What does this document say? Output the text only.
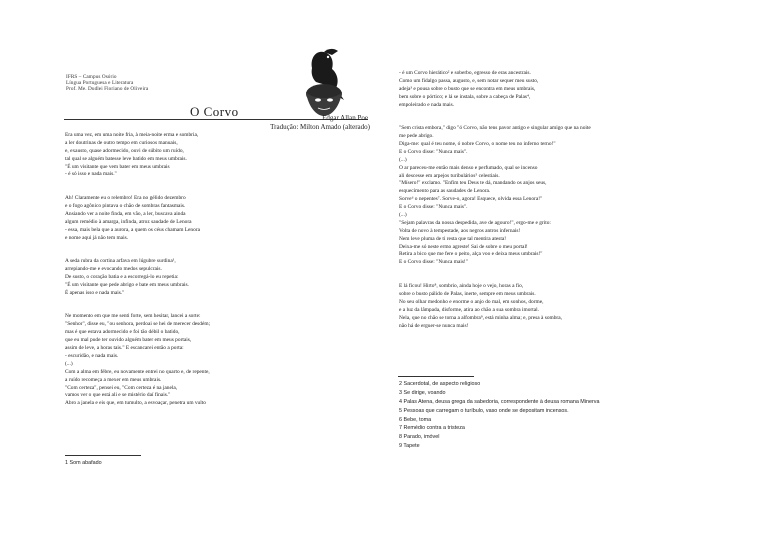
IFRS – Campus Osório
Língua Portuguesa e Literatura
Prof. Me. Dudlei Floriano de Oliveira
O Corvo	Edgar Allan Poe
Tradução: Milton Amado (alterado)
Era uma vez, em uma noite fria, à meia-noite erma e sombria,
a ler doutrinas de outro tempo em curiosos manuais,
e, exausto, quase adormecido, ouvi de súbito um ruído,
tal qual se alguém batesse leve batido em meus umbrais.
"É um visitante que vem bater em meus umbrais
- é só isso e nada mais."
Ah! Claramente eu o relembro! Era no gélido dezembro
e o fogo agônico pintava o chão de sombras fantasmais.
Ansiando ver a noite finda, em vão, a ler, buscava ainda
algum remédio à amarga, infinda, atroz saudade de Lenora
- essa, mais bela que a aurora, a quem os céus chamam Lenora
e nome aqui já não tem mais.
A seda rubra da cortina arfava em lúgubre surdina¹,
arrepiando-me e evocando medos sepulcrais.
De susto, o coração batia e a escorregá-lo eu repetia:
"É um visitante que pede abrigo e bate em meus umbrais.
É apenas isso e nada mais."
Ne momento em que me senti forte, sem hesitar, lancei a sorte:
"Senhor", disse eu, "ou senhora, perdoai se hei de merecer desdém;
mas é que estava adormecido e foi tão débil o batido,
que eu mal pude ter ouvido alguém bater em meus portais,
assim de leve, a horas tais." E escancarei então a porta:
- escuridão, e nada mais.
(...)
Com a alma em fébre, eu novamente entrei no quarto e, de repente,
a ruído recomeça a mexer em meus umbrais.
"Com certeza", pensei eu, "Com certeza é na janela,
vamos ver o que está ali e se mistério daí finais."
Abro a janela e eis que, em tumulto, a esvoaçar, penetra um vulto
1 Som abafado
- é um Corvo hierático² e soberbo, egresso de eras ancestrais.
Como um fidalgo passa, augusto, e, sem notar sequer meu susto,
adeja³ e pousa sobre o busto que se encontra em meus umbrais,
bem sobre o pórtico; e lá se instala, sobre a cabeça de Palas⁴,
empoleirado e nada mais.
"Sem crista embora," digo "ó Corvo, não tens pavor antigo e singular amigo que na noite
me pede abrigo.
Diga-me: qual é teu nome, ó nobre Corvo, o nome teu no inferno terno!"
E o Corvo disse: "Nunca mais".
(...)
O ar pareceu-me então mais denso e perfumado, qual se incenso
ali descesse em arpejos turibulários⁵ celestiais.
"Mísero!" exclamo. "Enfim teu Deus te dá, mandando os anjos seus,
esquecimento para as saudades de Lenora.
Sorve⁶ o nepentes⁷. Sorve-o, agora! Esquece, olvida essa Lenora!"
E o Corvo disse: "Nunca mais".
(...)
"Sejam palavras da nossa despedida, ave de agouro!", ergo-me e grito:
Volta de novo à tempestade, aos negros antros infernais!
Nem leve pluma de ti resta que tal mentira atesta!
Deixa-me só neste ermo agreste! Sai de sobre o meu portal!
Retira a bico que me fere o peito, alça voo e deixa meus umbrais!"
E o Corvo disse: "Nunca mais!"
E lá ficou! Hirto⁸, sombrio, ainda hoje o vejo, horas a fio,
sobre o busto pálido de Palas, inerte, sempre em meus umbrais.
No seu olhar medonho e enorme o anjo do mal, em sonhos, dorme,
e a luz da lâmpada, disforme, atira ao chão a sua sombra imortal.
Nela, que no chão se torna a alfombra⁹, está minha alma; e, presa à sombra,
não há de erguer-se nunca mais!
2 Sacerdotal, de aspecto religioso
3 Se dirige, voando
4 Palas Atena, deusa grega da sabedoria, correspondente à deusa romana Minerva
5 Pessoas que carregam o turíbulo, vaso onde se depositam incensos.
6 Bebe, toma
7 Remédio contra a tristeza
8 Parado, imóvel
9 Tapete
